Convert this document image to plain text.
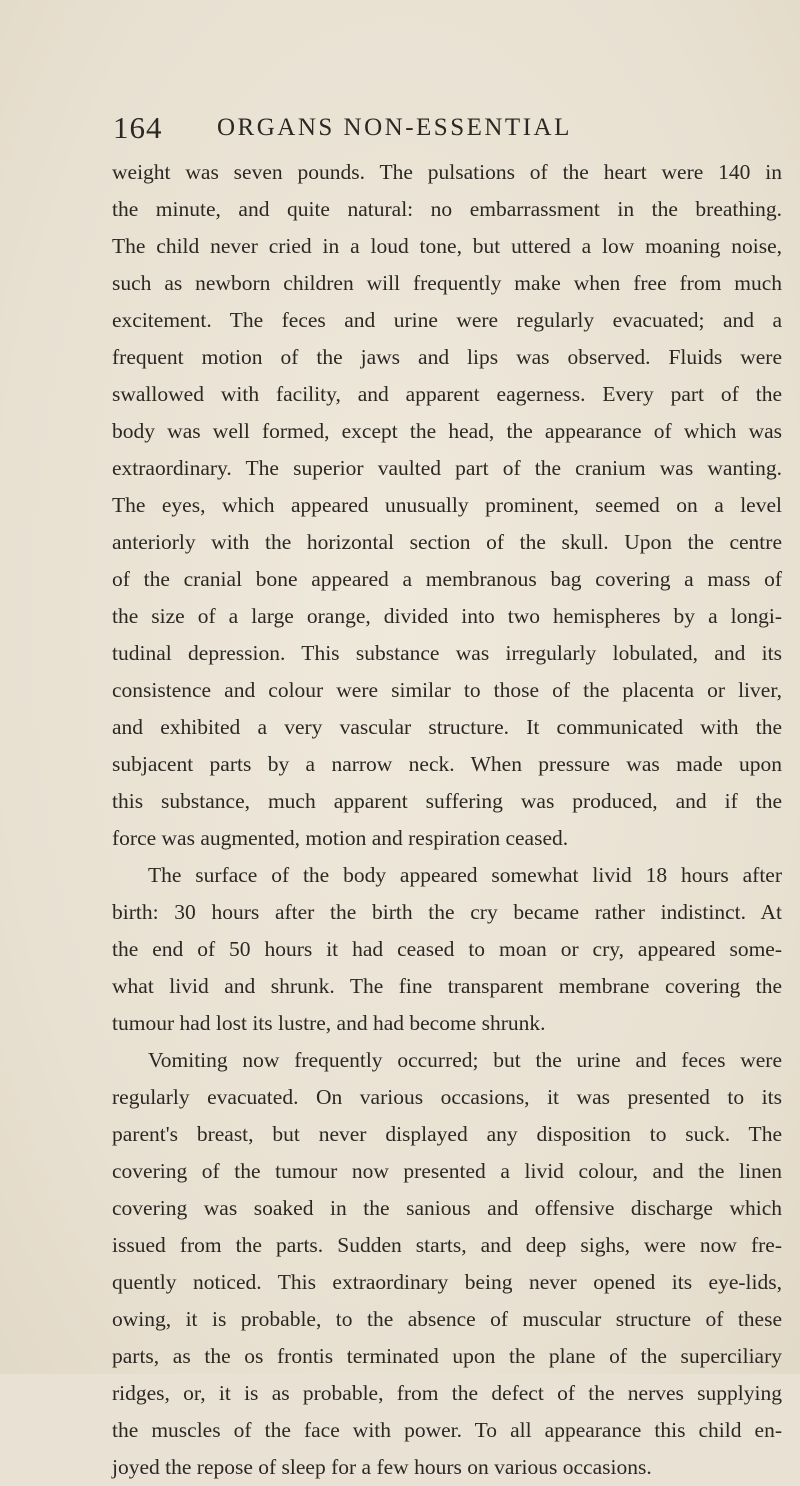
164 ORGANS NON-ESSENTIAL
weight was seven pounds. The pulsations of the heart were 140 in
the minute, and quite natural: no embarrassment in the breathing.
The child never cried in a loud tone, but uttered a low moaning noise,
such as newborn children will frequently make when free from much
excitement. The feces and urine were regularly evacuated; and a
frequent motion of the jaws and lips was observed. Fluids were
swallowed with facility, and apparent eagerness. Every part of the
body was well formed, except the head, the appearance of which was
extraordinary. The superior vaulted part of the cranium was wanting.
The eyes, which appeared unusually prominent, seemed on a level
anteriorly with the horizontal section of the skull. Upon the centre
of the cranial bone appeared a membranous bag covering a mass of
the size of a large orange, divided into two hemispheres by a longi-
tudinal depression. This substance was irregularly lobulated, and its
consistence and colour were similar to those of the placenta or liver,
and exhibited a very vascular structure. It communicated with the
subjacent parts by a narrow neck. When pressure was made upon
this substance, much apparent suffering was produced, and if the
force was augmented, motion and respiration ceased.
The surface of the body appeared somewhat livid 18 hours after
birth: 30 hours after the birth the cry became rather indistinct. At
the end of 50 hours it had ceased to moan or cry, appeared some-
what livid and shrunk. The fine transparent membrane covering the
tumour had lost its lustre, and had become shrunk.
Vomiting now frequently occurred; but the urine and feces were
regularly evacuated. On various occasions, it was presented to its
parent's breast, but never displayed any disposition to suck. The
covering of the tumour now presented a livid colour, and the linen
covering was soaked in the sanious and offensive discharge which
issued from the parts. Sudden starts, and deep sighs, were now fre-
quently noticed. This extraordinary being never opened its eye-lids,
owing, it is probable, to the absence of muscular structure of these
parts, as the os frontis terminated upon the plane of the superciliary
ridges, or, it is as probable, from the defect of the nerves supplying
the muscles of the face with power. To all appearance this child en-
joyed the repose of sleep for a few hours on various occasions.
